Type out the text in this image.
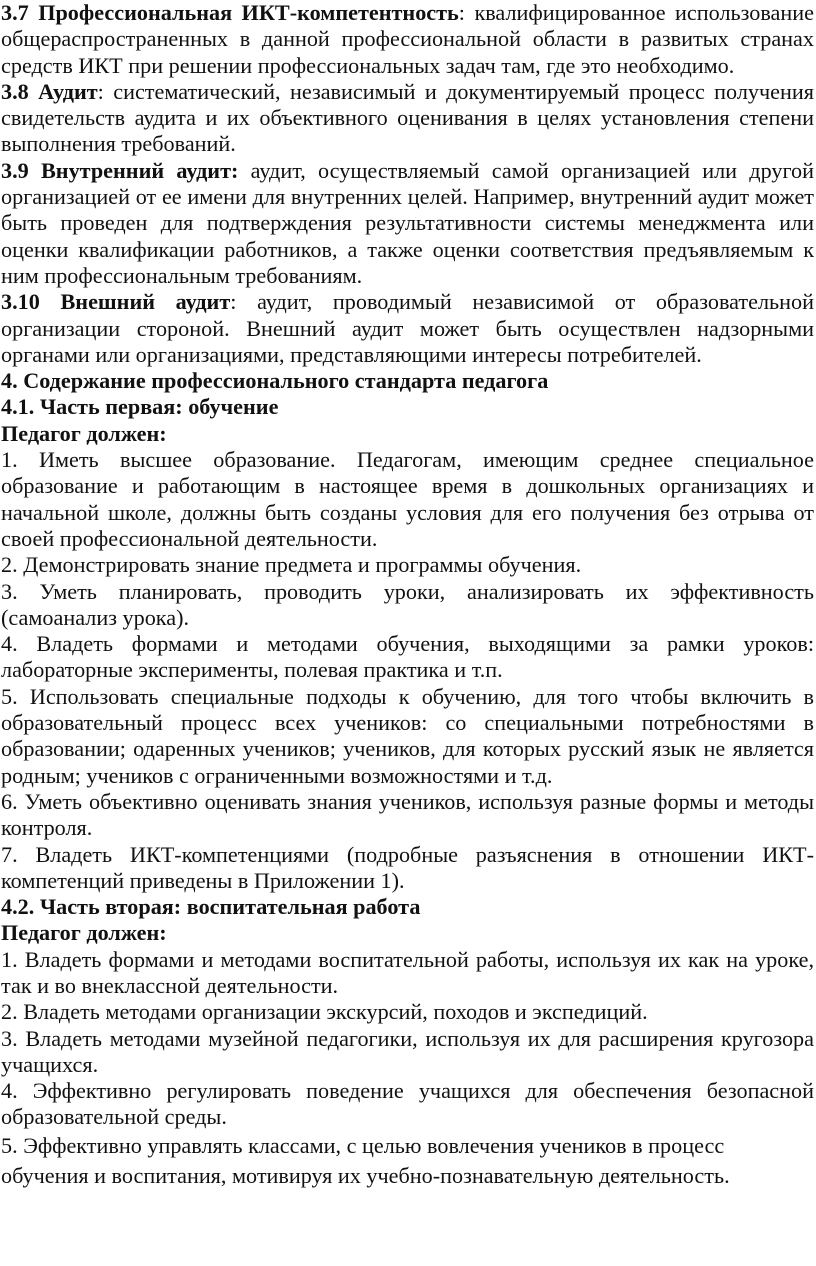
3.7 Профессиональная ИКТ-компетентность: квалифицированное использование общераспространенных в данной профессиональной области в развитых странах средств ИКТ при решении профессиональных задач там, где это необходимо.

3.8 Аудит: систематический, независимый и документируемый процесс получения свидетельств аудита и их объективного оценивания в целях установления степени выполнения требований.

3.9 Внутренний аудит: аудит, осуществляемый самой организацией или другой организацией от ее имени для внутренних целей. Например, внутренний аудит может быть проведен для подтверждения результативности системы менеджмента или оценки квалификации работников, а также оценки соответствия предъявляемым к ним профессиональным требованиям.

3.10 Внешний аудит: аудит, проводимый независимой от образовательной организации стороной. Внешний аудит может быть осуществлен надзорными органами или организациями, представляющими интересы потребителей.

4. Содержание профессионального стандарта педагога

4.1. Часть первая: обучение

Педагог должен:

1. Иметь высшее образование. Педагогам, имеющим среднее специальное образование и работающим в настоящее время в дошкольных организациях и начальной школе, должны быть созданы условия для его получения без отрыва от своей профессиональной деятельности.

2. Демонстрировать знание предмета и программы обучения.

3. Уметь планировать, проводить уроки, анализировать их эффективность (самоанализ урока).

4. Владеть формами и методами обучения, выходящими за рамки уроков: лабораторные эксперименты, полевая практика и т.п.

5. Использовать специальные подходы к обучению, для того чтобы включить в образовательный процесс всех учеников: со специальными потребностями в образовании; одаренных учеников; учеников, для которых русский язык не является родным; учеников с ограниченными возможностями и т.д.

6. Уметь объективно оценивать знания учеников, используя разные формы и методы контроля.

7. Владеть ИКТ-компетенциями (подробные разъяснения в отношении ИКТ-компетенций приведены в Приложении 1).

4.2. Часть вторая: воспитательная работа

Педагог должен:

1. Владеть формами и методами воспитательной работы, используя их как на уроке, так и во внеклассной деятельности.

2. Владеть методами организации экскурсий, походов и экспедиций.

3. Владеть методами музейной педагогики, используя их для расширения кругозора учащихся.

4. Эффективно регулировать поведение учащихся для обеспечения безопасной образовательной среды.

5. Эффективно управлять классами, с целью вовлечения учеников в процесс обучения и воспитания, мотивируя их учебно-познавательную деятельность.
